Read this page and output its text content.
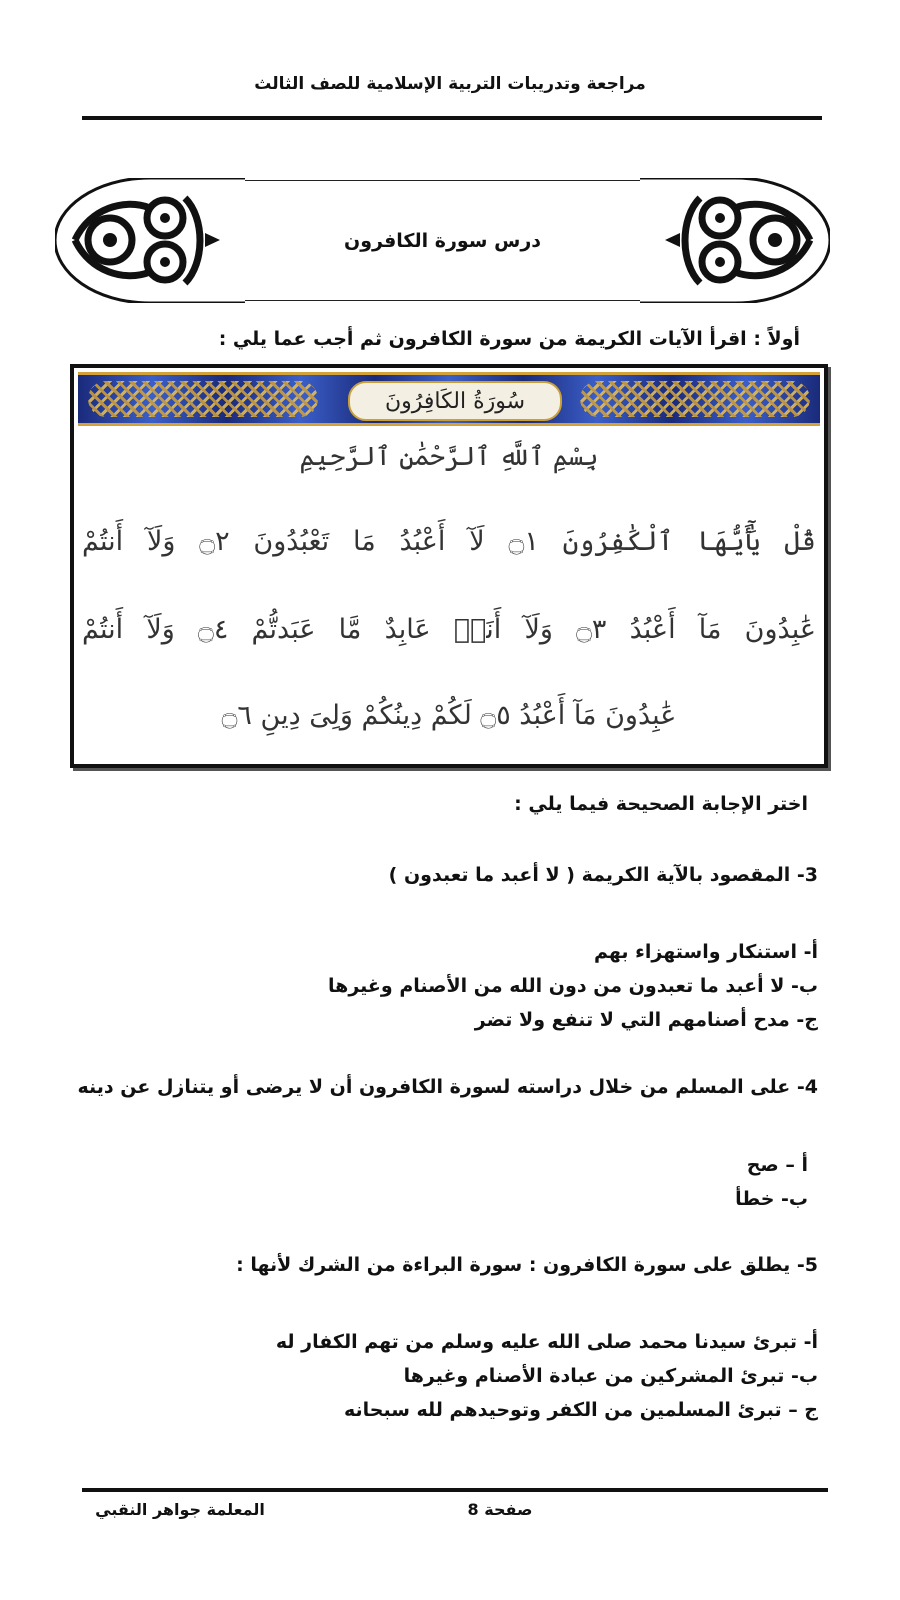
مراجعة وتدريبات التربية الإسلامية للصف الثالث
درس سورة الكافرون
أولاً : اقرأ الآيات الكريمة من سورة الكافرون ثم أجب عما يلي :
سُورَةُ الكَافِرُونَ
بِسْمِ ٱللَّهِ ٱلرَّحْمَٰنِ ٱلرَّحِيمِ
قُلْ يَٰٓأَيُّهَا ٱلْكَٰفِرُونَ ۝١ لَآ أَعْبُدُ مَا تَعْبُدُونَ ۝٢ وَلَآ أَنتُمْ
عَٰبِدُونَ مَآ أَعْبُدُ ۝٣ وَلَآ أَنَا۠ عَابِدٌ مَّا عَبَدتُّمْ ۝٤ وَلَآ أَنتُمْ
عَٰبِدُونَ مَآ أَعْبُدُ ۝٥ لَكُمْ دِينُكُمْ وَلِىَ دِينِ ۝٦
اختر الإجابة الصحيحة فيما يلي :
3- المقصود بالآية الكريمة ( لا أعبد ما تعبدون )
أ- استنكار واستهزاء بهم
ب- لا أعبد ما تعبدون من دون الله من الأصنام وغيرها
ج- مدح أصنامهم التي لا تنفع ولا تضر
4- على المسلم من خلال دراسته لسورة الكافرون أن لا يرضى أو يتنازل عن دينه
أ – صح
ب- خطأ
5- يطلق على سورة الكافرون : سورة البراءة من الشرك لأنها :
أ- تبرئ سيدنا محمد صلى الله عليه وسلم من تهم الكفار له
ب- تبرئ المشركين من عبادة الأصنام وغيرها
ج – تبرئ المسلمين من الكفر وتوحيدهم لله سبحانه
صفحة 8
المعلمة جواهر النقبي
